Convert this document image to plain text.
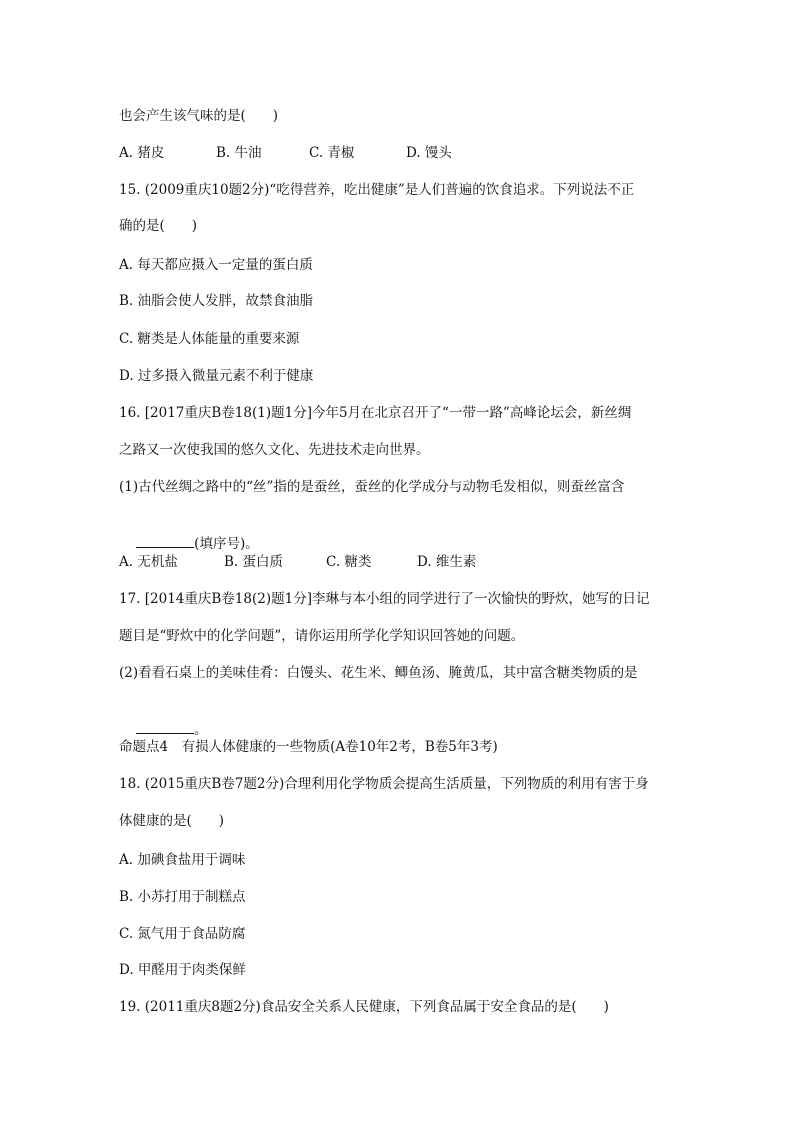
也会产生该气味的是(　　)

A. 猪皮

	B. 牛油

	C. 青椒

	D. 馒头

15. (2009重庆10题2分)“吃得营养，吃出健康”是人们普遍的饮食追求。下列说法不正
确的是(　　)
A. 每天都应摄入一定量的蛋白质
B. 油脂会使人发胖，故禁食油脂
C. 糖类是人体能量的重要来源
D. 过多摄入微量元素不利于健康
16. [2017重庆B卷18(1)题1分]今年5月在北京召开了“一带一路”高峰论坛会，新丝绸
之路又一次使我国的悠久文化、先进技术走向世界。
(1)古代丝绸之路中的“丝”指的是蚕丝，蚕丝的化学成分与动物毛发相似，则蚕丝富含

(填序号)。

A. 无机盐

	B. 蛋白质

	C. 糖类

	D. 维生素

17. [2014重庆B卷18(2)题1分]李琳与本小组的同学进行了一次愉快的野炊，她写的日记
题目是“野炊中的化学问题”，请你运用所学化学知识回答她的问题。
(2)看看石桌上的美味佳肴：白馒头、花生米、鲫鱼汤、腌黄瓜，其中富含糖类物质的是

。

命题点4　有损人体健康的一些物质(A卷10年2考，B卷5年3考)
18. (2015重庆B卷7题2分)合理利用化学物质会提高生活质量，下列物质的利用有害于身
体健康的是(　　)
A. 加碘食盐用于调味
B. 小苏打用于制糕点
C. 氮气用于食品防腐
D. 甲醛用于肉类保鲜
19. (2011重庆8题2分)食品安全关系人民健康，下列食品属于安全食品的是(　　)
